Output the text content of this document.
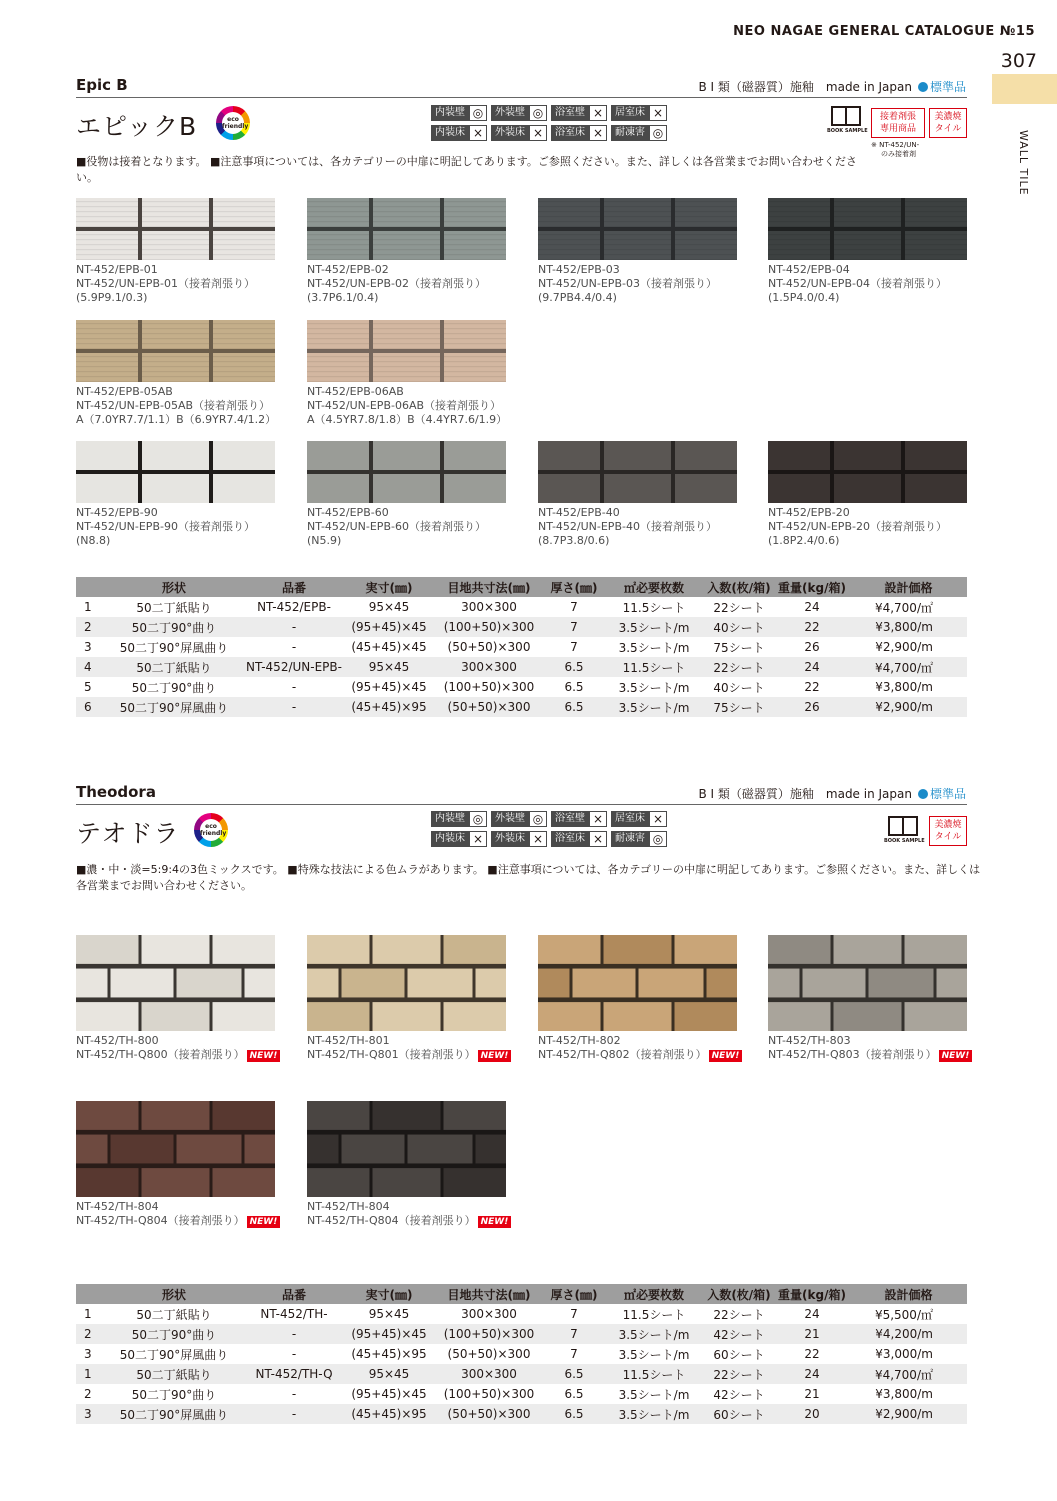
NEO NAGAE GENERAL CATALOGUE №15
307
WALL TILE
Epic B	B I 類（磁器質）施釉　made in Japan 標準品
エピックB	eco friendly
内装壁 ◎	外装壁 ◎	浴室壁 ×	居室床 ×
内装床 ×	外装床 ×	浴室床 ×	耐凍害 ◎	BOOK SAMPLE
接着剤張
専用商品
美濃焼
タイル
※ NT-452/UN-
のみ接着剤
■役物は接着となります。 ■注意事項については、各カテゴリーの中扉に明記してあります。ご参照ください。また、詳しくは各営業までお問い合わせください。
NT-452/EPB-01
NT-452/UN-EPB-01（接着剤張り）
(5.9P9.1/0.3)
NT-452/EPB-02
NT-452/UN-EPB-02（接着剤張り）
(3.7P6.1/0.4)
NT-452/EPB-03
NT-452/UN-EPB-03（接着剤張り）
(9.7PB4.4/0.4)
NT-452/EPB-04
NT-452/UN-EPB-04（接着剤張り）
(1.5P4.0/0.4)
NT-452/EPB-05AB
NT-452/UN-EPB-05AB（接着剤張り）
A（7.0YR7.7/1.1）B（6.9YR7.4/1.2）
NT-452/EPB-06AB
NT-452/UN-EPB-06AB（接着剤張り）
A（4.5YR7.8/1.8）B（4.4YR7.6/1.9）
NT-452/EPB-90
NT-452/UN-EPB-90（接着剤張り）
(N8.8)
NT-452/EPB-60
NT-452/UN-EPB-60（接着剤張り）
(N5.9)
NT-452/EPB-40
NT-452/UN-EPB-40（接着剤張り）
(8.7P3.8/0.6)
NT-452/EPB-20
NT-452/UN-EPB-20（接着剤張り）
(1.8P2.4/0.6)
	形状	品番	実寸(㎜)	目地共寸法(㎜)	厚さ(㎜)	㎡必要枚数	入数(枚/箱)	重量(kg/箱)	設計価格
1	50二丁紙貼り	NT-452/EPB-	95×45	300×300	7	11.5シート	22シート	24	¥4,700/㎡
2	50二丁90°曲り	-	(95+45)×45	(100+50)×300	7	3.5シート/m	40シート	22	¥3,800/m
3	50二丁90°屏風曲り	-	(45+45)×45	(50+50)×300	7	3.5シート/m	75シート	26	¥2,900/m
4	50二丁紙貼り	NT-452/UN-EPB-	95×45	300×300	6.5	11.5シート	22シート	24	¥4,700/㎡
5	50二丁90°曲り	-	(95+45)×45	(100+50)×300	6.5	3.5シート/m	40シート	22	¥3,800/m
6	50二丁90°屏風曲り	-	(45+45)×95	(50+50)×300	6.5	3.5シート/m	75シート	26	¥2,900/m
Theodora	B I 類（磁器質）施釉　made in Japan 標準品
テオドラ	eco friendly
内装壁 ◎	外装壁 ◎	浴室壁 ×	居室床 ×
内装床 ×	外装床 ×	浴室床 ×	耐凍害 ◎	BOOK SAMPLE
美濃焼
タイル
■濃・中・淡=5:9:4の3色ミックスです。 ■特殊な技法による色ムラがあります。 ■注意事項については、各カテゴリーの中扉に明記してあります。ご参照ください。また、詳しくは
各営業までお問い合わせください。
NT-452/TH-800
NT-452/TH-Q800（接着剤張り） NEW!
NT-452/TH-801
NT-452/TH-Q801（接着剤張り） NEW!
NT-452/TH-802
NT-452/TH-Q802（接着剤張り） NEW!
NT-452/TH-803
NT-452/TH-Q803（接着剤張り） NEW!
NT-452/TH-804
NT-452/TH-Q804（接着剤張り） NEW!
NT-452/TH-804
NT-452/TH-Q804（接着剤張り） NEW!
	形状	品番	実寸(㎜)	目地共寸法(㎜)	厚さ(㎜)	㎡必要枚数	入数(枚/箱)	重量(kg/箱)	設計価格
1	50二丁紙貼り	NT-452/TH-	95×45	300×300	7	11.5シート	22シート	24	¥5,500/㎡
2	50二丁90°曲り	-	(95+45)×45	(100+50)×300	7	3.5シート/m	42シート	21	¥4,200/m
3	50二丁90°屏風曲り	-	(45+45)×95	(50+50)×300	7	3.5シート/m	60シート	22	¥3,000/m
1	50二丁紙貼り	NT-452/TH-Q	95×45	300×300	6.5	11.5シート	22シート	24	¥4,700/㎡
2	50二丁90°曲り	-	(95+45)×45	(100+50)×300	6.5	3.5シート/m	42シート	21	¥3,800/m
3	50二丁90°屏風曲り	-	(45+45)×95	(50+50)×300	6.5	3.5シート/m	60シート	20	¥2,900/m
